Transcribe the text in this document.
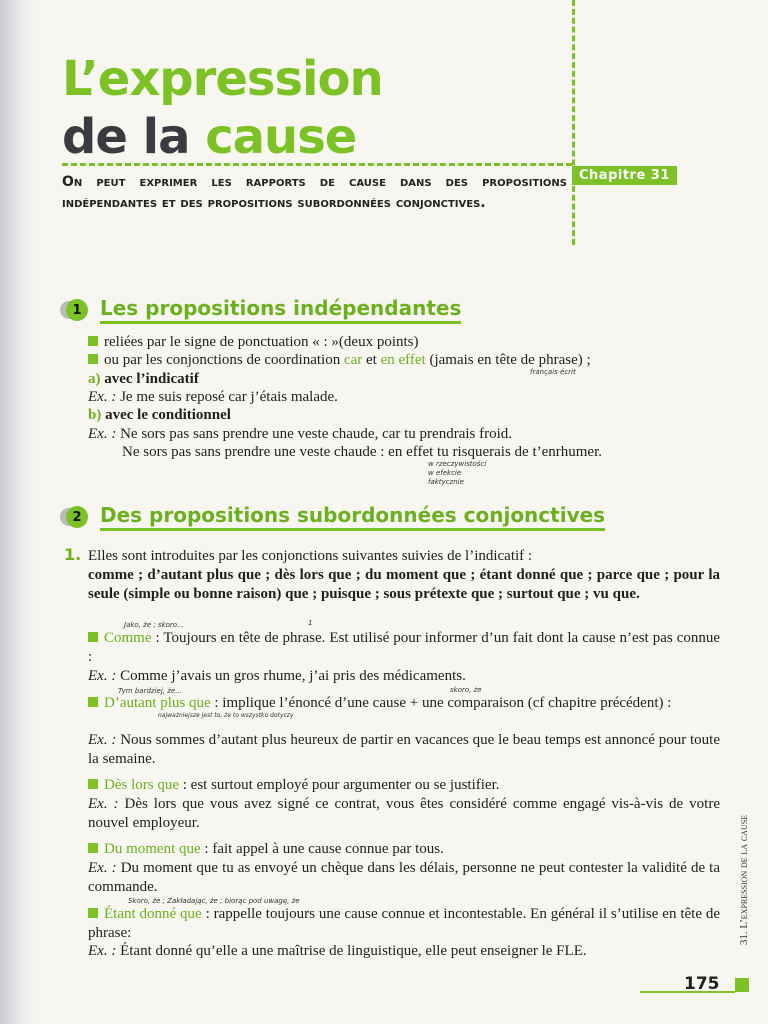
L’expression
de la cause
Chapitre 31
On peut exprimer les rapports de cause dans des propositions indépendantes et des propositions subordonnées conjonctives.
1 Les propositions indépendantes
reliées par le signe de ponctuation « : »(deux points)
ou par les conjonctions de coordination car et en effet (jamais en tête de phrase) ;
français écrit
a) avec l’indicatif
Ex. : Je me suis reposé car j’étais malade.
b) avec le conditionnel
Ex. : Ne sors pas sans prendre une veste chaude, car tu prendrais froid.
Ne sors pas sans prendre une veste chaude : en effet tu risquerais de t’enrhumer.
w rzeczywistości
w efekcie
faktycznie
2 Des propositions subordonnées conjonctives
1. Elles sont introduites par les conjonctions suivantes suivies de l’indicatif :
comme ; d’autant plus que ; dès lors que ; du moment que ; étant donné que ; parce que ; pour la seule (simple ou bonne raison) que ; puisque ; sous prétexte que ; surtout que ; vu que.
Jako, że ; skoro...	1
Comme : Toujours en tête de phrase. Est utilisé pour informer d’un fait dont la cause n’est pas connue :
Ex. : Comme j’avais un gros rhume, j’ai pris des médicaments.
Tym bardziej, że...	skoro, że
D’autant plus que : implique l’énoncé d’une cause + une comparaison (cf chapitre précédent) :
najważniejsze jest to, że to wszystko dotyczy
Ex. : Nous sommes d’autant plus heureux de partir en vacances que le beau temps est annoncé pour toute la semaine.
Dès lors que : est surtout employé pour argumenter ou se justifier.
Ex. : Dès lors que vous avez signé ce contrat, vous êtes considéré comme engagé vis-à-vis de votre nouvel employeur.
Du moment que : fait appel à une cause connue par tous.
Ex. : Du moment que tu as envoyé un chèque dans les délais, personne ne peut contester la validité de ta commande.
Skoro, że ; Zakładając, że ; biorąc pod uwagę, że
Étant donné que : rappelle toujours une cause connue et incontestable. En général il s’utilise en tête de phrase:
Ex. : Étant donné qu’elle a une maîtrise de linguistique, elle peut enseigner le FLE.
31. L’expression de la cause
175
